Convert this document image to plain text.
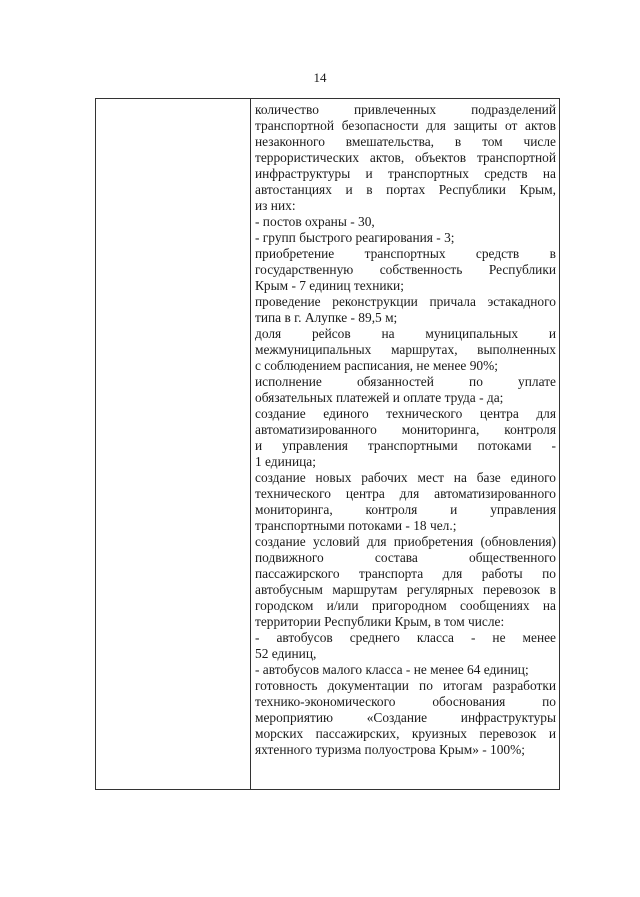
14
количество привлеченных подразделений
транспортной безопасности для защиты от актов
незаконного вмешательства, в том числе
террористических актов, объектов транспортной
инфраструктуры и транспортных средств на
автостанциях и в портах Республики Крым,
из них:
- постов охраны - 30,
- групп быстрого реагирования - 3;
приобретение транспортных средств в
государственную собственность Республики
Крым - 7 единиц техники;
проведение реконструкции причала эстакадного
типа в г. Алупке - 89,5 м;
доля рейсов на муниципальных и
межмуниципальных маршрутах, выполненных
с соблюдением расписания, не менее 90%;
исполнение обязанностей по уплате
обязательных платежей и оплате труда - да;
создание единого технического центра для
автоматизированного мониторинга, контроля
и управления транспортными потоками -
1 единица;
создание новых рабочих мест на базе единого
технического центра для автоматизированного
мониторинга, контроля и управления
транспортными потоками - 18 чел.;
создание условий для приобретения (обновления)
подвижного состава общественного
пассажирского транспорта для работы по
автобусным маршрутам регулярных перевозок в
городском и/или пригородном сообщениях на
территории Республики Крым, в том числе:
- автобусов среднего класса - не менее
52 единиц,
- автобусов малого класса - не менее 64 единиц;
готовность документации по итогам разработки
технико-экономического обоснования по
мероприятию «Создание инфраструктуры
морских пассажирских, круизных перевозок и
яхтенного туризма полуострова Крым» - 100%;
